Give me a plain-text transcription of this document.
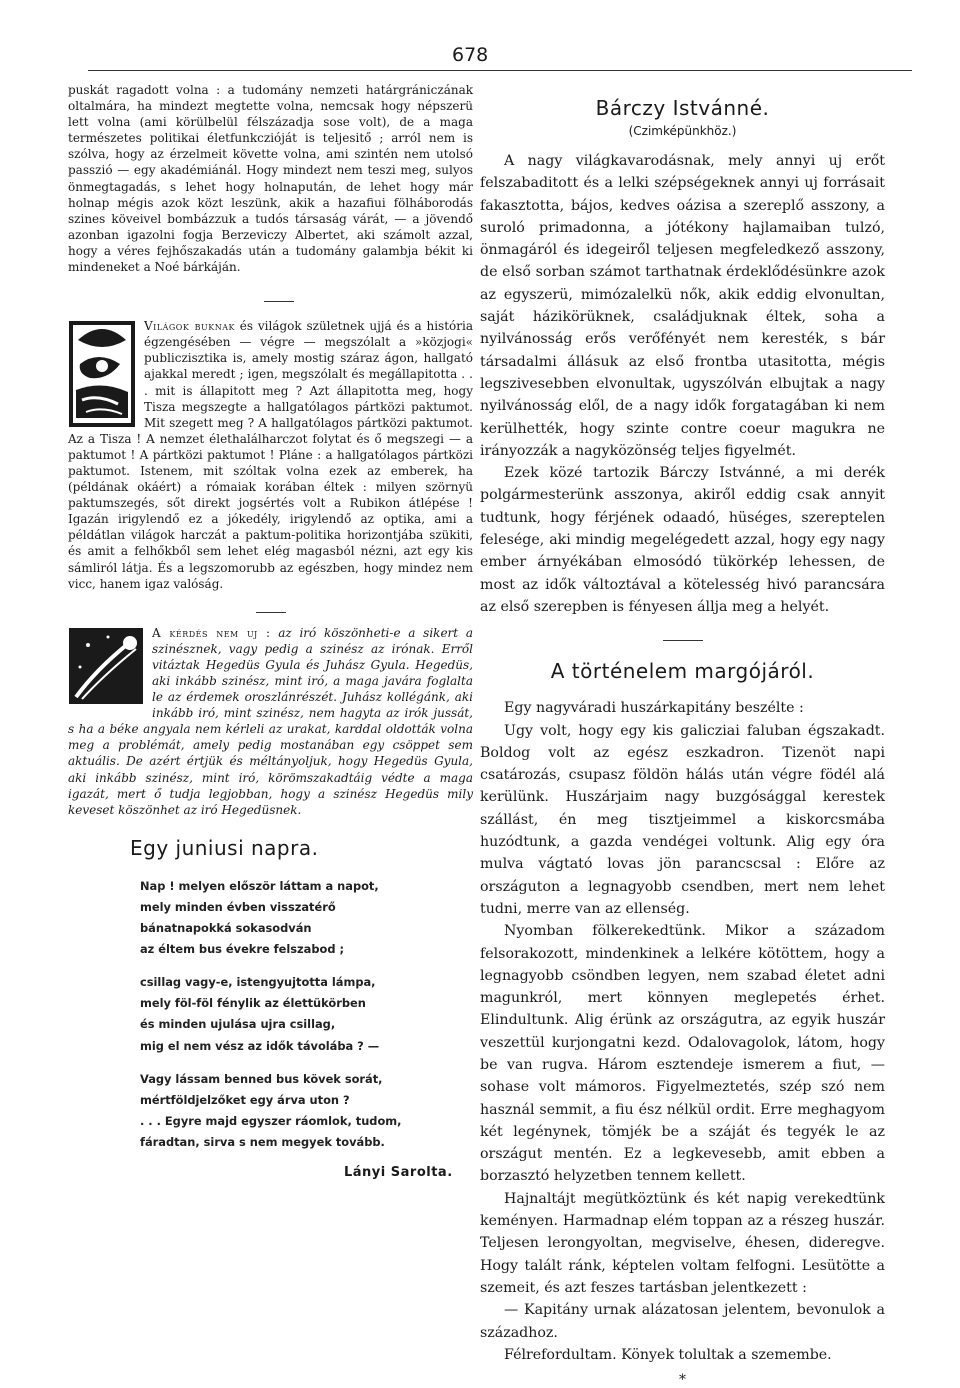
678

puskát ragadott volna : a tudomány nemzeti határgrániczának oltalmára, ha mindezt megtette volna, nemcsak hogy népszerü lett volna (ami körülbelül félszázadja sose volt), de a maga természetes politikai életfunkczióját is teljesitő ; arról nem is szólva, hogy az érzelmeit követte volna, ami szintén nem utolsó passzió — egy akadémiánál. Hogy mindezt nem teszi meg, sulyos önmegtagadás, s lehet hogy holnapután, de lehet hogy már holnap mégis azok közt leszünk, akik a hazafiui fölháborodás szines köveivel bombázzuk a tudós társaság várát, — a jövendő azonban igazolni fogja Berzeviczy Albertet, aki számolt azzal, hogy a véres fejhőszakadás után a tudomány galambja békit ki mindeneket a Noé bárkáján.

Világok buknak és világok születnek ujjá és a história égzengésében — végre — megszólalt a »közjogi« publiczisztika is, amely mostig száraz ágon, hallgató ajakkal meredt ; igen, megszólalt és megállapitotta . . . mit is állapitott meg ? Azt állapitotta meg, hogy Tisza megszegte a hallgatólagos pártközi paktumot. Mit szegett meg ? A hallgatólagos pártközi paktumot. Az a Tisza ! A nemzet élethalálharczot folytat és ő megszegi — a paktumot ! A pártközi paktumot ! Pláne : a hallgatólagos pártközi paktumot. Istenem, mit szóltak volna ezek az emberek, ha (példának okáért) a rómaiak korában éltek : milyen szörnyü paktumszegés, sőt direkt jogsértés volt a Rubikon átlépése ! Igazán irigylendő ez a jókedély, irigylendő az optika, ami a példátlan világok harczát a paktum-politika horizontjába szükiti, és amit a felhőkből sem lehet elég magasból nézni, azt egy kis sámliról látja. És a legszomorubb az egészben, hogy mindez nem vicc, hanem igaz valóság.

A kérdés nem uj : az iró köszönheti-e a sikert a szinésznek, vagy pedig a szinész az irónak. Erről vitáztak Hegedüs Gyula és Juhász Gyula. Hegedüs, aki inkább szinész, mint iró, a maga javára foglalta le az érdemek oroszlánrészét. Juhász kollégánk, aki inkább iró, mint szinész, nem hagyta az irók jussát, s ha a béke angyala nem kérleli az urakat, karddal oldották volna meg a problémát, amely pedig mostanában egy csöppet sem aktuális. De azért értjük és méltányoljuk, hogy Hegedüs Gyula, aki inkább szinész, mint iró, körömszakadtáig védte a maga igazát, mert ő tudja legjobban, hogy a szinész Hegedüs mily keveset köszönhet az iró Hegedüsnek.

Egy juniusi napra.
Nap ! melyen először láttam a napot,
mely minden évben visszatérő
bánatnapokká sokasodván
az éltem bus évekre felszabod ;
csillag vagy-e, istengyujtotta lámpa,
mely föl-föl fénylik az élettükörben
és minden ujulása ujra csillag,
mig el nem vész az idők távolába ? —
Vagy lássam benned bus kövek sorát,
mértföldjelzőket egy árva uton ?
. . . Egyre majd egyszer ráomlok, tudom,
fáradtan, sirva s nem megyek tovább.
Lányi Sarolta.
Bárczy Istvánné.
(Czimképünkhöz.)

A nagy világkavarodásnak, mely annyi uj erőt felszabaditott és a lelki szépségeknek annyi uj forrásait fakasztotta, bájos, kedves oázisa a szereplő asszony, a suroló primadonna, a jótékony hajlamaiban tulzó, önmagáról és idegeiről teljesen megfeledkező asszony, de első sorban számot tarthatnak érdeklődésünkre azok az egyszerü, mimózalelkü nők, akik eddig elvonultan, saját házikörüknek, családjuknak éltek, soha a nyilvánosság erős verőfényét nem keresték, s bár társadalmi állásuk az első frontba utasitotta, mégis legszivesebben elvonultak, ugyszólván elbujtak a nagy nyilvánosság elől, de a nagy idők forgatagában ki nem kerülhették, hogy szinte contre coeur magukra ne irányozzák a nagyközönség teljes figyelmét.

Ezek közé tartozik Bárczy Istvánné, a mi derék polgármesterünk asszonya, akiről eddig csak annyit tudtunk, hogy férjének odaadó, hüséges, szereptelen felesége, aki mindig megelégedett azzal, hogy egy nagy ember árnyékában elmosódó tükörkép lehessen, de most az idők változtával a kötelesség hivó parancsára az első szerepben is fényesen állja meg a helyét.

A történelem margójáról.

Egy nagyváradi huszárkapitány beszélte :

Ugy volt, hogy egy kis galicziai faluban égszakadt. Boldog volt az egész eszkadron. Tizenöt napi csatározás, csupasz földön hálás után végre födél alá kerülünk. Huszárjaim nagy buzgósággal kerestek szállást, én meg tisztjeimmel a kiskorcsmába huzódtunk, a gazda vendégei voltunk. Alig egy óra mulva vágtató lovas jön parancscsal : Előre az országuton a legnagyobb csendben, mert nem lehet tudni, merre van az ellenség.

Nyomban fölkerekedtünk. Mikor a századom felsorakozott, mindenkinek a lelkére kötöttem, hogy a legnagyobb csöndben legyen, nem szabad életet adni magunkról, mert könnyen meglepetés érhet. Elindultunk. Alig érünk az országutra, az egyik huszár veszettül kurjongatni kezd. Odalovagolok, látom, hogy be van rugva. Három esztendeje ismerem a fiut, — sohase volt mámoros. Figyelmeztetés, szép szó nem használ semmit, a fiu ész nélkül ordit. Erre meghagyom két legénynek, tömjék be a száját és tegyék le az országut mentén. Ez a legkevesebb, amit ebben a borzasztó helyzetben tennem kellett.

Hajnaltájt megütköztünk és két napig verekedtünk keményen. Harmadnap elém toppan az a részeg huszár. Teljesen lerongyoltan, megviselve, éhesen, dideregve. Hogy talált ránk, képtelen voltam felfogni. Lesütötte a szemeit, és azt feszes tartásban jelentkezett :

— Kapitány urnak alázatosan jelentem, bevonulok a századhoz.

Félrefordultam. Könyek tolultak a szemembe.

*
